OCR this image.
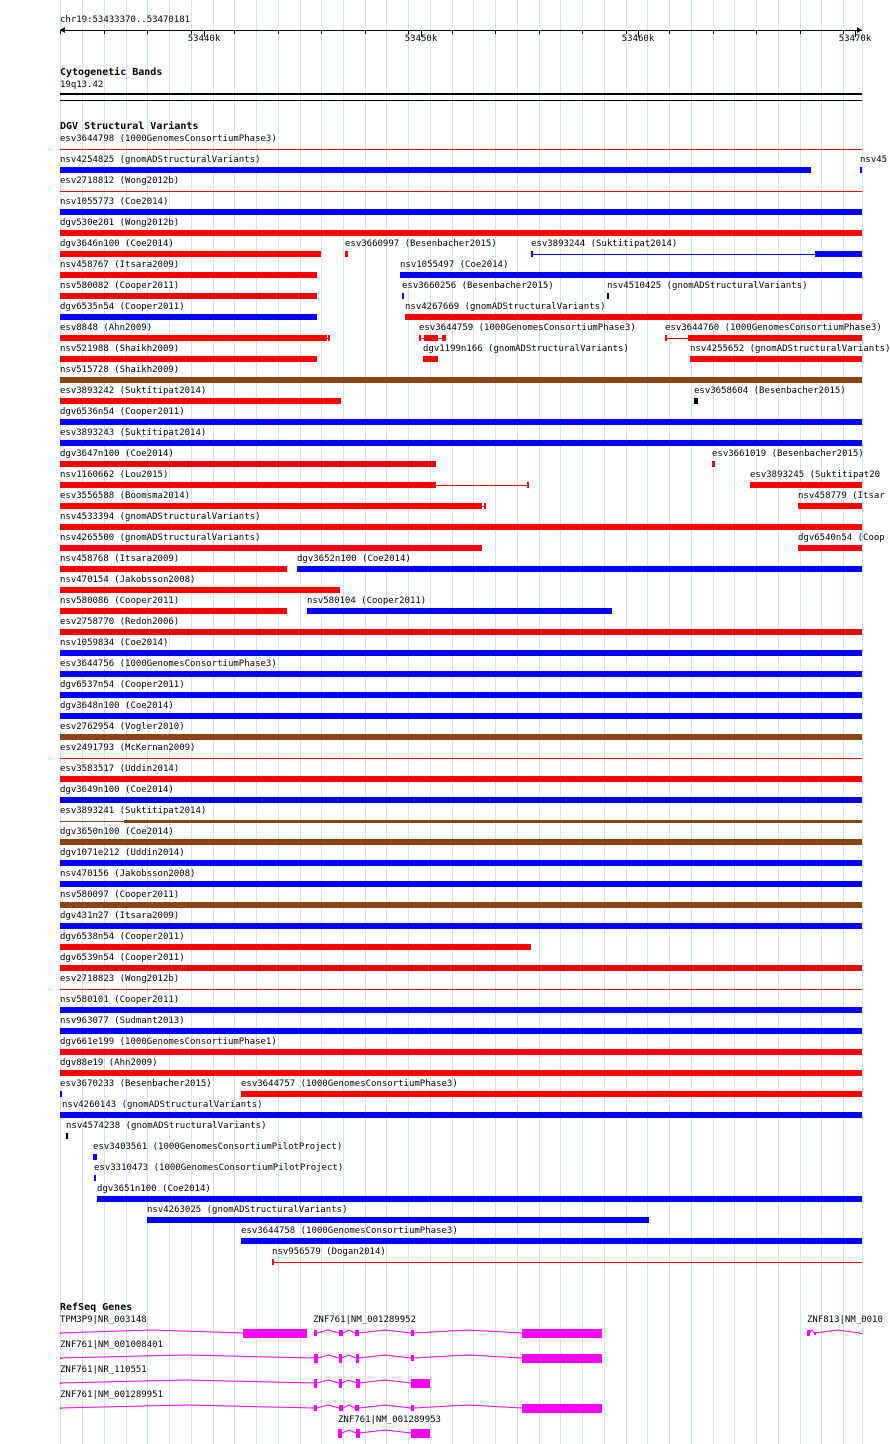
chr19:53433370..53470181
53440k	53450k	53460k	53470k
Cytogenetic Bands
19q13.42
DGV Structural Variants
esv3644798 (1000GenomesConsortiumPhase3)
nsv4254825 (gnomADStructuralVariants)	nsv45
esv2718812 (Wong2012b)
nsv1055773 (Coe2014)
dgv530e201 (Wong2012b)
dgv3646n100 (Coe2014)	esv3660997 (Besenbacher2015)	esv3893244 (Suktitipat2014)
nsv458767 (Itsara2009)	nsv1055497 (Coe2014)
nsv580082 (Cooper2011)	esv3660256 (Besenbacher2015)	nsv4510425 (gnomADStructuralVariants)
dgv6535n54 (Cooper2011)	nsv4267669 (gnomADStructuralVariants)
esv8848 (Ahn2009)	esv3644759 (1000GenomesConsortiumPhase3)	esv3644760 (1000GenomesConsortiumPhase3)
nsv521988 (Shaikh2009)	dgv1199n166 (gnomADStructuralVariants)	nsv4255652 (gnomADStructuralVariants)
nsv515728 (Shaikh2009)
esv3893242 (Suktitipat2014)	esv3658604 (Besenbacher2015)
dgv6536n54 (Cooper2011)
esv3893243 (Suktitipat2014)
dgv3647n100 (Coe2014)	esv3661019 (Besenbacher2015)
nsv1160662 (Lou2015)	esv3893245 (Suktitipat20
esv3556588 (Boomsma2014)	nsv458779 (Itsar
nsv4533394 (gnomADStructuralVariants)
nsv4265500 (gnomADStructuralVariants)	dgv6540n54 (Coop
nsv458768 (Itsara2009)	dgv3652n100 (Coe2014)
nsv470154 (Jakobsson2008)
nsv580086 (Cooper2011)	nsv580104 (Cooper2011)
esv2758770 (Redon2006)
nsv1059834 (Coe2014)
esv3644756 (1000GenomesConsortiumPhase3)
dgv6537n54 (Cooper2011)
dgv3648n100 (Coe2014)
esv2762954 (Vogler2010)
esv2491793 (McKernan2009)
esv3583517 (Uddin2014)
dgv3649n100 (Coe2014)
esv3893241 (Suktitipat2014)
dgv3650n100 (Coe2014)
dgv1071e212 (Uddin2014)
nsv470156 (Jakobsson2008)
nsv580097 (Cooper2011)
dgv431n27 (Itsara2009)
dgv6538n54 (Cooper2011)
dgv6539n54 (Cooper2011)
esv2718823 (Wong2012b)
nsv580101 (Cooper2011)
nsv963077 (Sudmant2013)
dgv661e199 (1000GenomesConsortiumPhase1)
dgv88e19 (Ahn2009)
esv3670233 (Besenbacher2015)	esv3644757 (1000GenomesConsortiumPhase3)
nsv4260143 (gnomADStructuralVariants)
nsv4574238 (gnomADStructuralVariants)
esv3403561 (1000GenomesConsortiumPilotProject)
esv3310473 (1000GenomesConsortiumPilotProject)
dgv3651n100 (Coe2014)
nsv4263025 (gnomADStructuralVariants)
esv3644758 (1000GenomesConsortiumPhase3)
nsv956579 (Dogan2014)
RefSeq Genes
TPM3P9|NR_003148	ZNF761|NM_001289952	ZNF813|NM_0010
ZNF761|NM_001008401
ZNF761|NR_110551
ZNF761|NM_001289951
ZNF761|NM_001289953
